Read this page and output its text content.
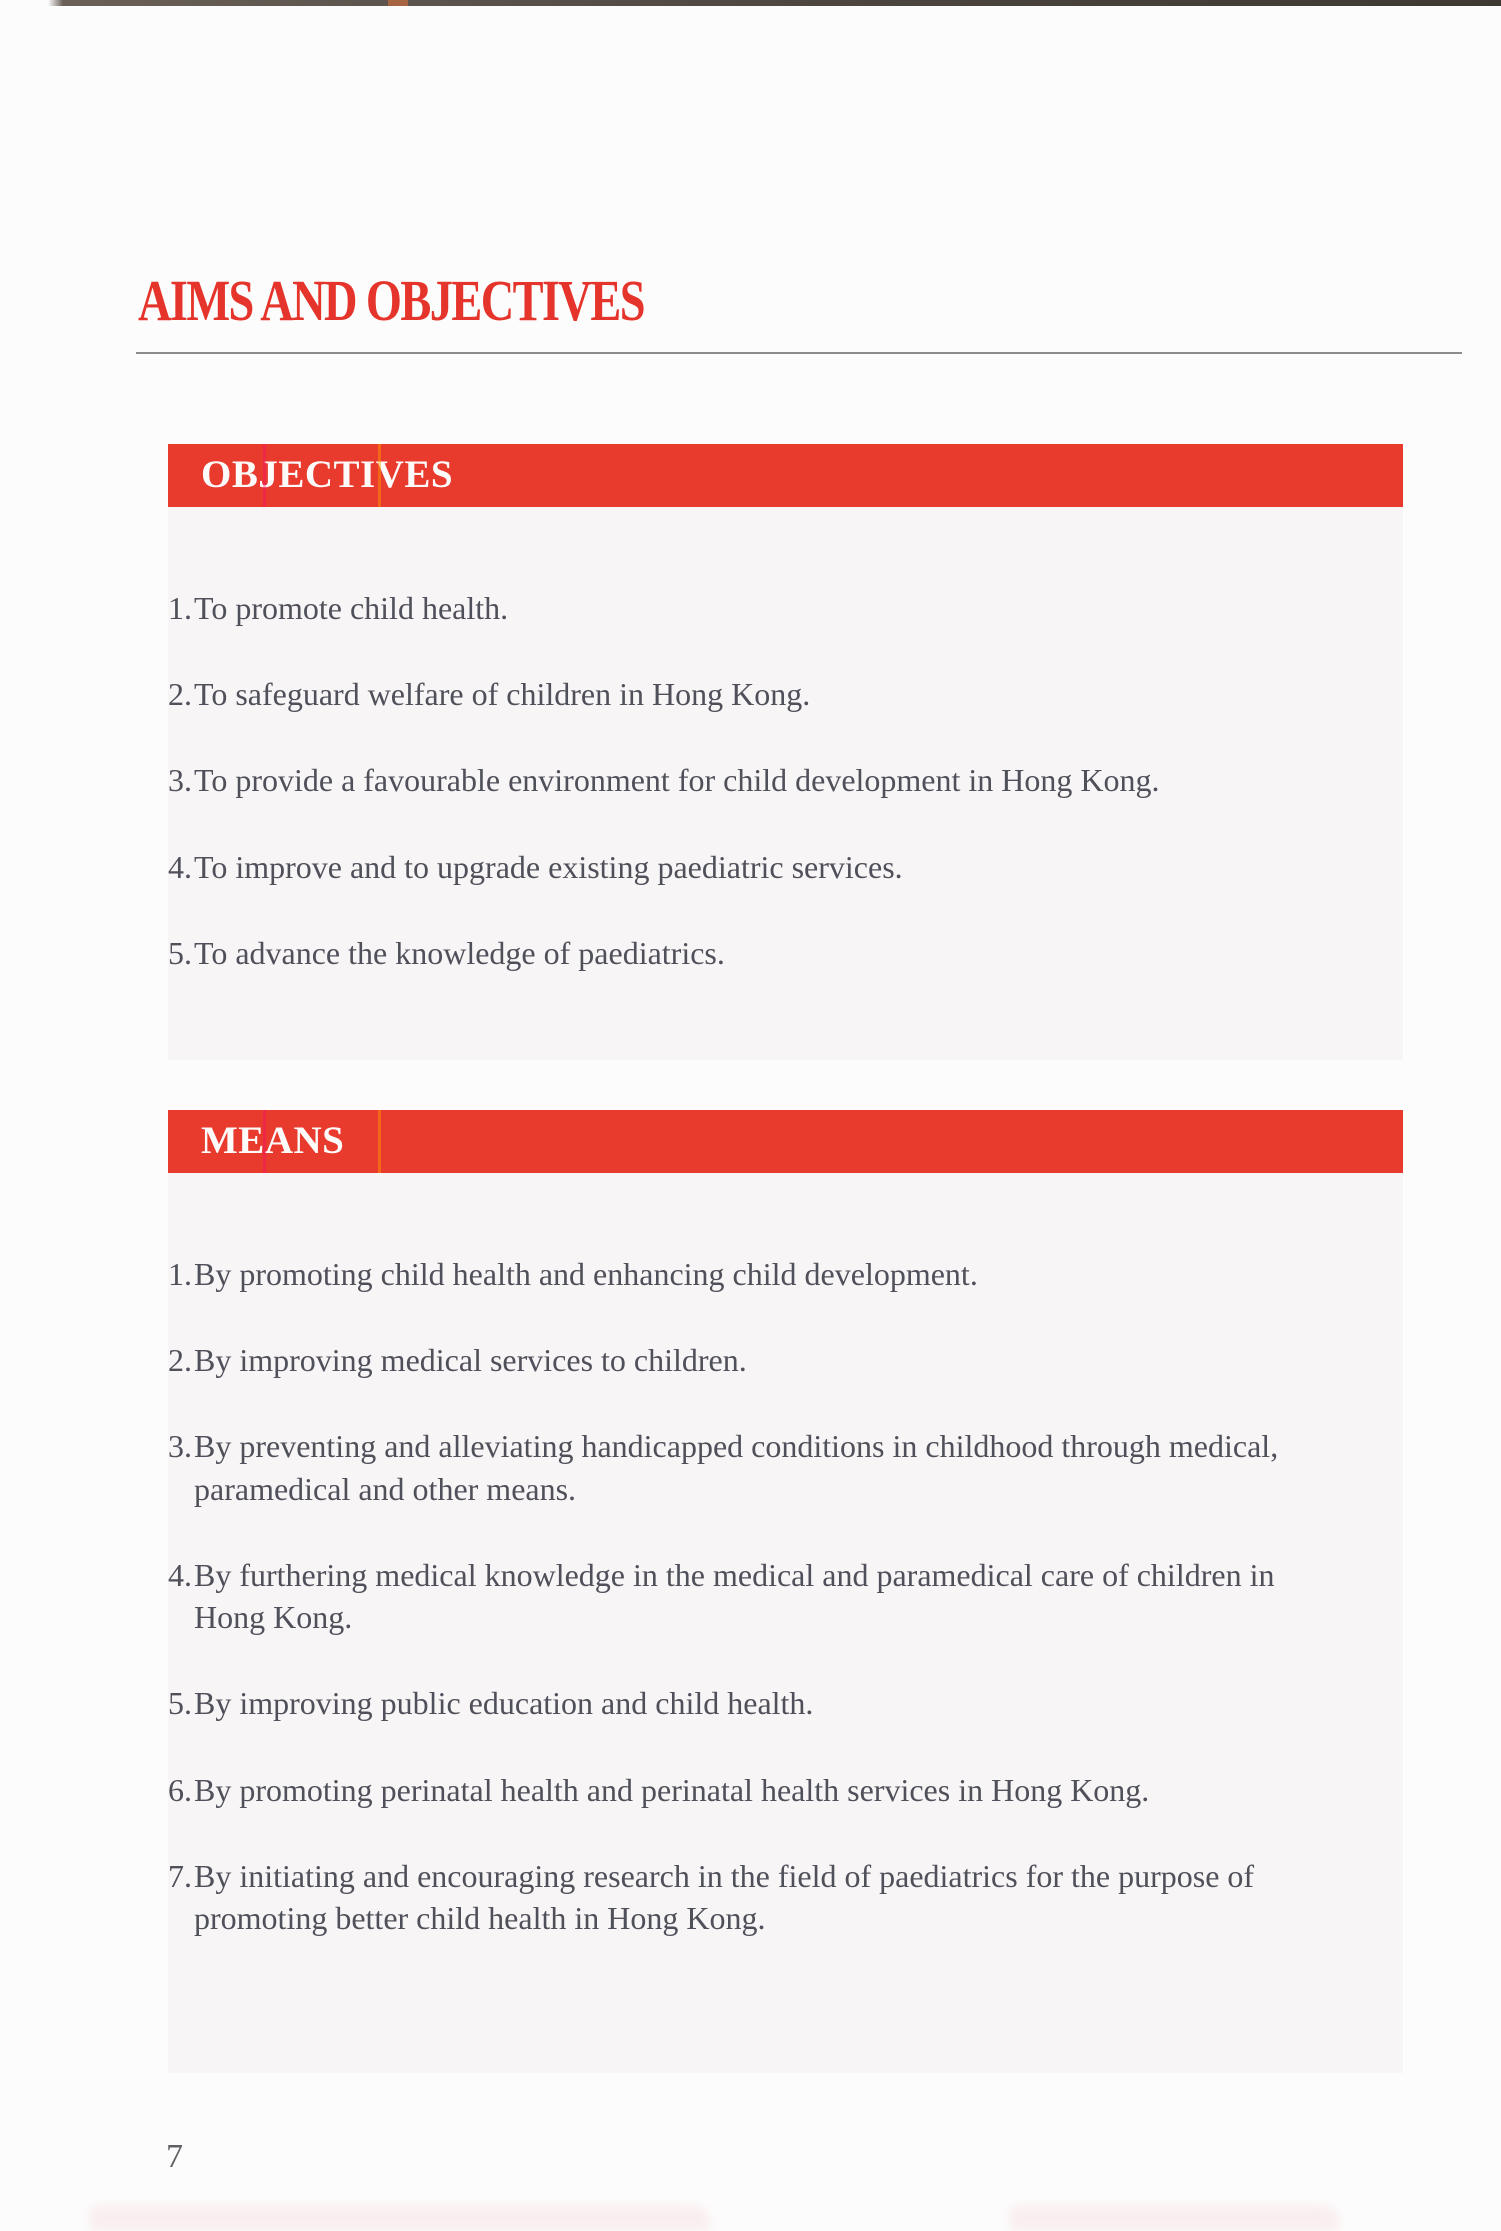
AIMS AND OBJECTIVES
OBJECTIVES
To promote child health.
To safeguard welfare of children in Hong Kong.
To provide a favourable environment for child development in Hong Kong.
To improve and to upgrade existing paediatric services.
To advance the knowledge of paediatrics.
MEANS
By promoting child health and enhancing child development.
By improving medical services to children.
By preventing and alleviating handicapped conditions in childhood through medical, paramedical and other means.
By furthering medical knowledge in the medical and paramedical care of children in Hong Kong.
By improving public education and child health.
By promoting perinatal health and perinatal health services in Hong Kong.
By initiating and encouraging research in the field of paediatrics for the purpose of promoting better child health in Hong Kong.
7
